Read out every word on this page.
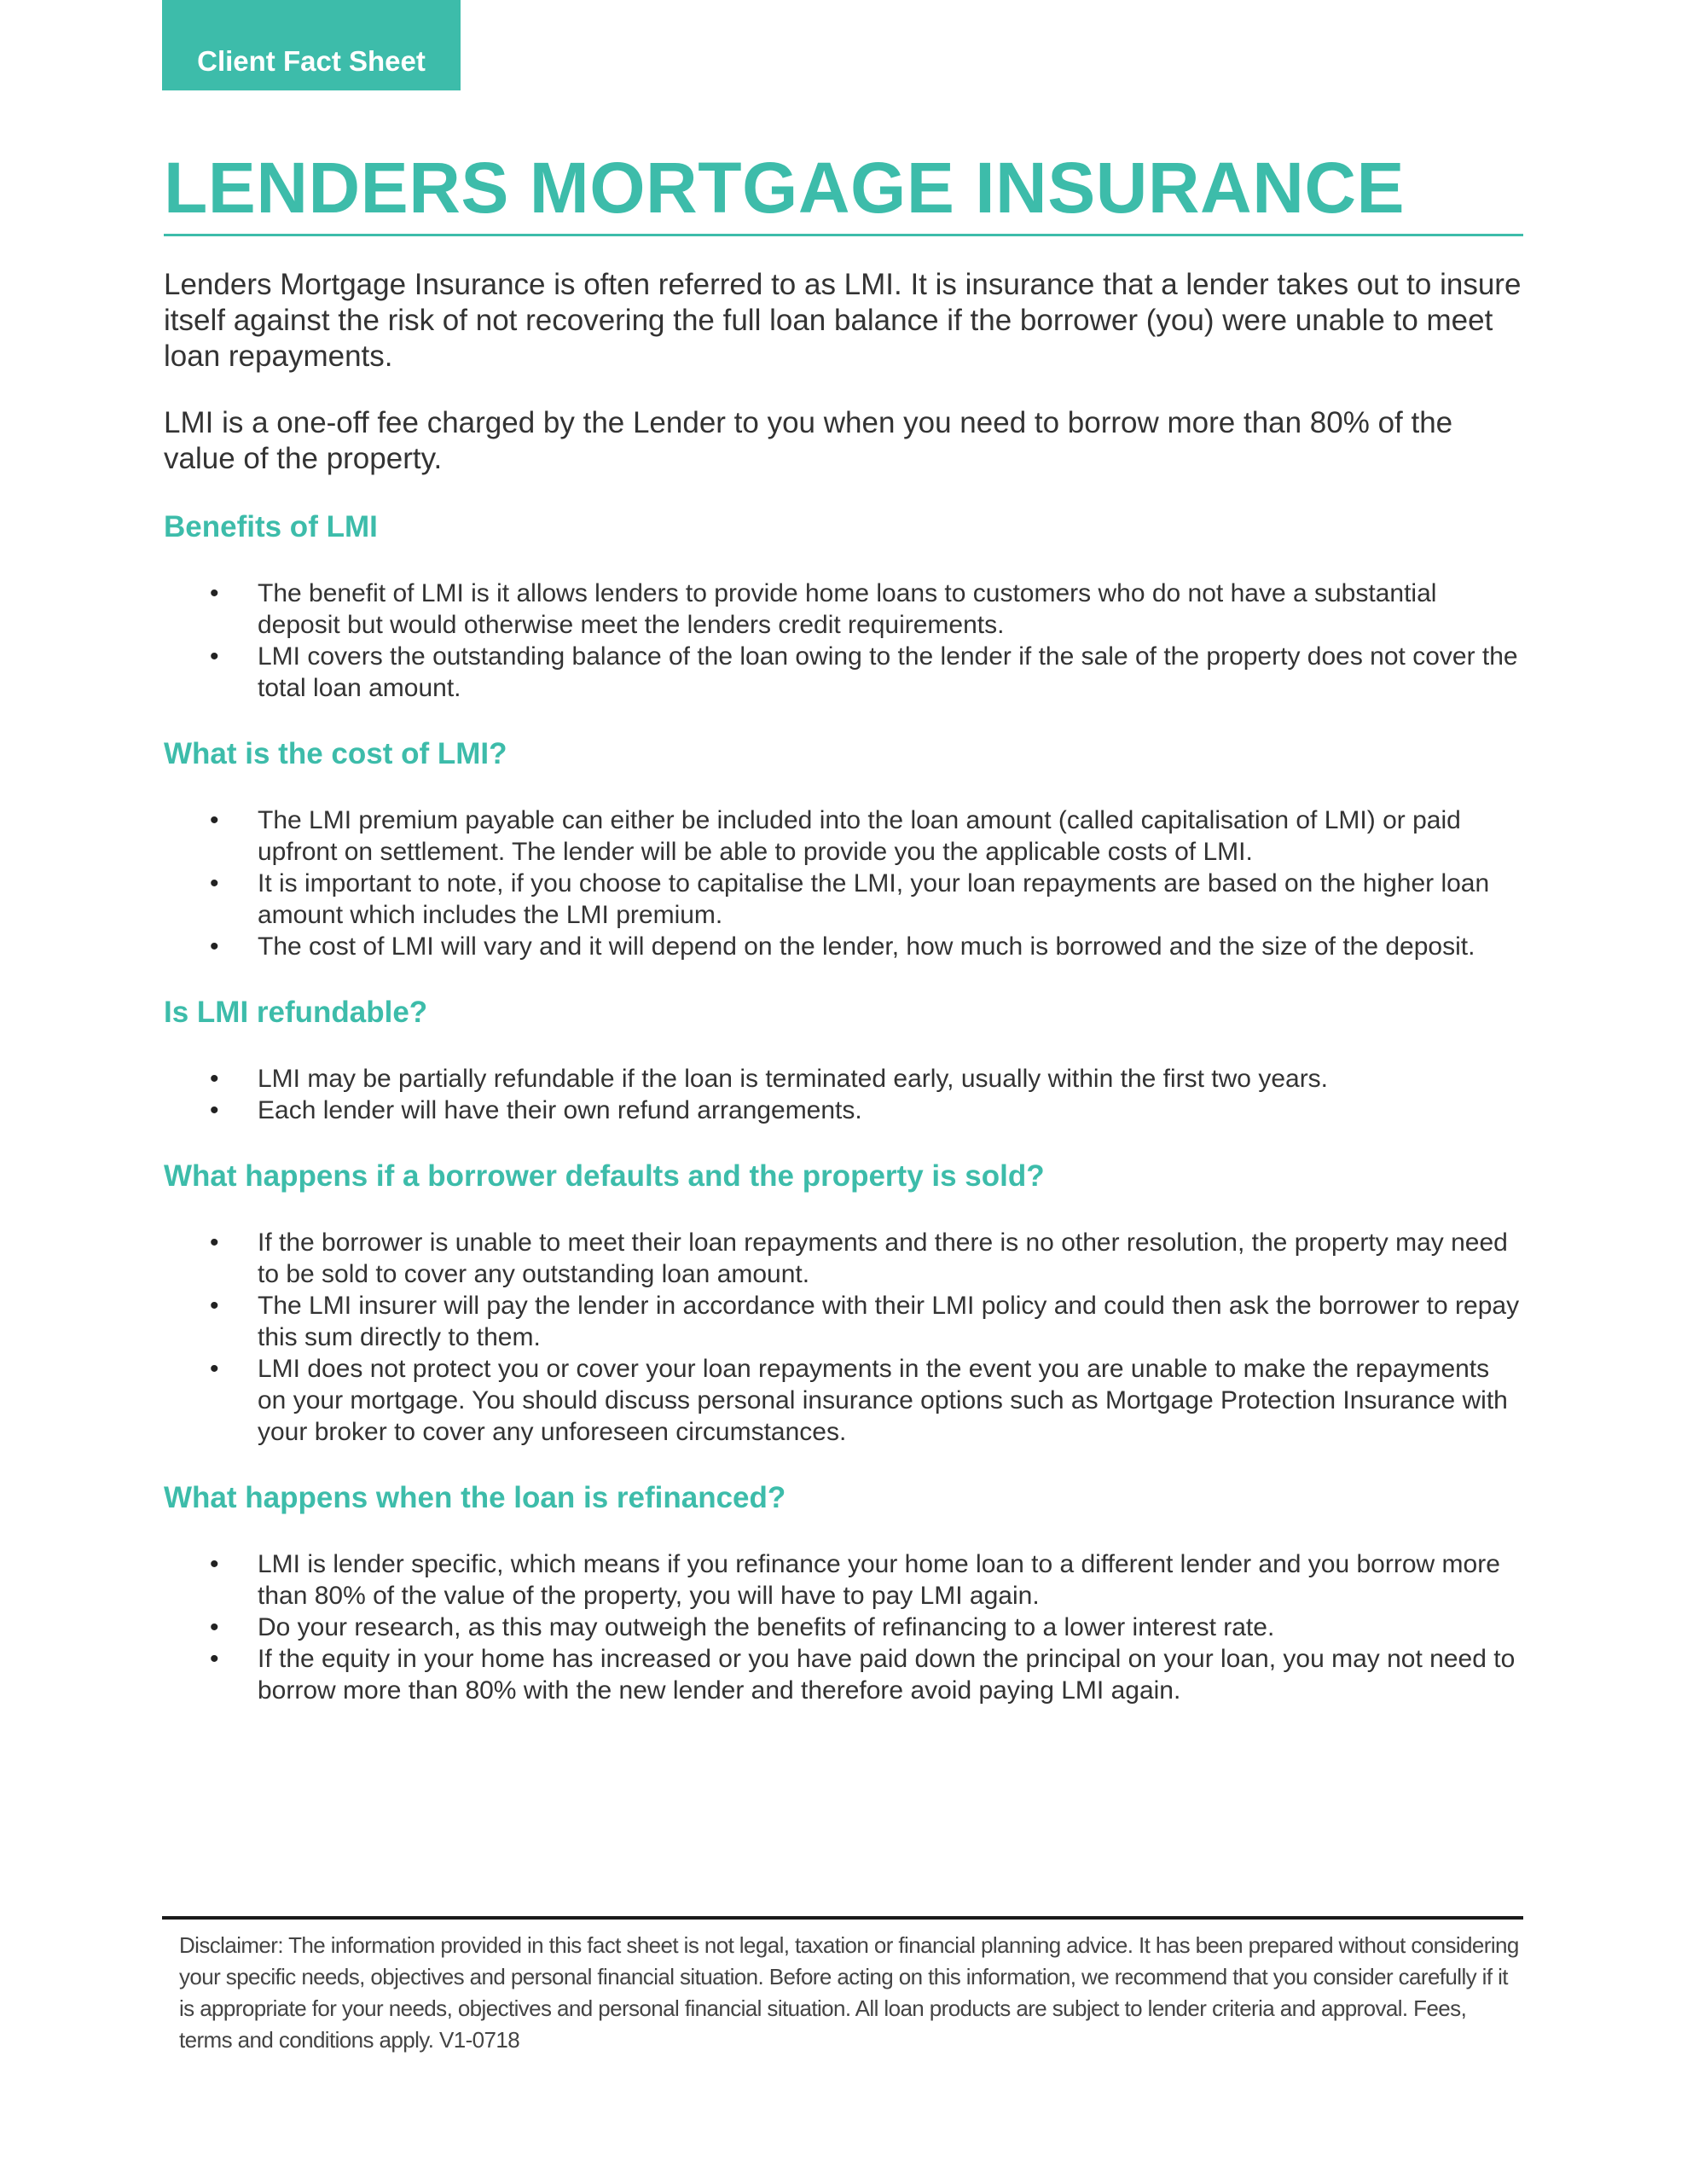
Client Fact Sheet
LENDERS MORTGAGE INSURANCE

Lenders Mortgage Insurance is often referred to as LMI. It is insurance that a lender takes out to insure itself against the risk of not recovering the full loan balance if the borrower (you) were unable to meet loan repayments.

LMI is a one-off fee charged by the Lender to you when you need to borrow more than 80% of the value of the property.

Benefits of LMI
• The benefit of LMI is it allows lenders to provide home loans to customers who do not have a substantial deposit but would otherwise meet the lenders credit requirements.
• LMI covers the outstanding balance of the loan owing to the lender if the sale of the property does not cover the total loan amount.
What is the cost of LMI?
• The LMI premium payable can either be included into the loan amount (called capitalisation of LMI) or paid upfront on settlement. The lender will be able to provide you the applicable costs of LMI.
• It is important to note, if you choose to capitalise the LMI, your loan repayments are based on the higher loan amount which includes the LMI premium.
• The cost of LMI will vary and it will depend on the lender, how much is borrowed and the size of the deposit.
Is LMI refundable?
• LMI may be partially refundable if the loan is terminated early, usually within the first two years.
• Each lender will have their own refund arrangements.
What happens if a borrower defaults and the property is sold?
• If the borrower is unable to meet their loan repayments and there is no other resolution, the property may need to be sold to cover any outstanding loan amount.
• The LMI insurer will pay the lender in accordance with their LMI policy and could then ask the borrower to repay this sum directly to them.
• LMI does not protect you or cover your loan repayments in the event you are unable to make the repayments on your mortgage. You should discuss personal insurance options such as Mortgage Protection Insurance with your broker to cover any unforeseen circumstances.
What happens when the loan is refinanced?
• LMI is lender specific, which means if you refinance your home loan to a different lender and you borrow more than 80% of the value of the property, you will have to pay LMI again.
• Do your research, as this may outweigh the benefits of refinancing to a lower interest rate.
• If the equity in your home has increased or you have paid down the principal on your loan, you may not need to borrow more than 80% with the new lender and therefore avoid paying LMI again.

Disclaimer: The information provided in this fact sheet is not legal, taxation or financial planning advice. It has been prepared without considering your specific needs, objectives and personal financial situation. Before acting on this information, we recommend that you consider carefully if it is appropriate for your needs, objectives and personal financial situation. All loan products are subject to lender criteria and approval. Fees, terms and conditions apply. V1-0718
